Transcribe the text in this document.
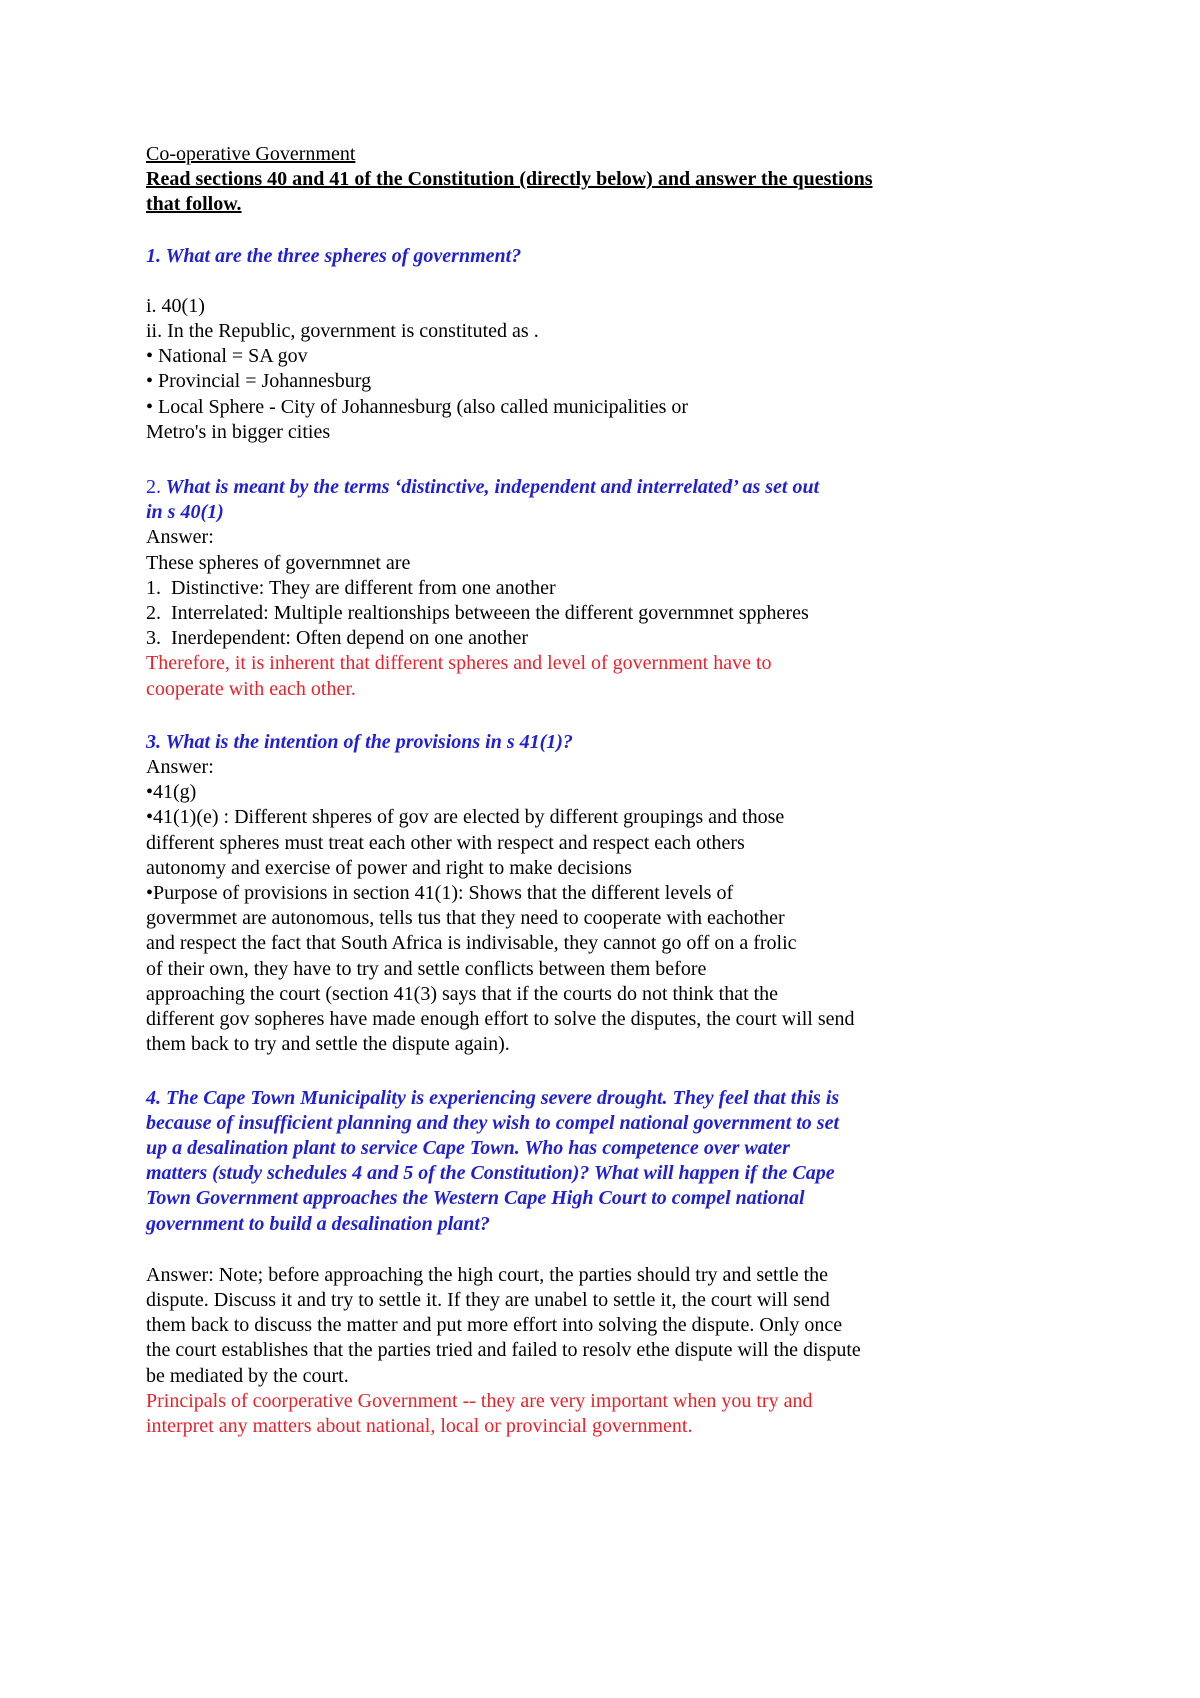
Co-operative Government
Read sections 40 and 41 of the Constitution (directly below) and answer the questions
that follow.
1. What are the three spheres of government?
i. 40(1)
ii. In the Republic, government is constituted as .
• National = SA gov
• Provincial = Johannesburg
• Local Sphere - City of Johannesburg (also called municipalities or
Metro's in bigger cities
2. What is meant by the terms ‘distinctive, independent and interrelated’ as set out
in s 40(1)
Answer:
These spheres of governmnet are
1.  Distinctive: They are different from one another
2.  Interrelated: Multiple realtionships betweeen the different governmnet sppheres
3.  Inerdependent: Often depend on one another
Therefore, it is inherent that different spheres and level of government have to
cooperate with each other.
3. What is the intention of the provisions in s 41(1)?
Answer:
•41(g)
•41(1)(e) : Different shperes of gov are elected by different groupings and those
different spheres must treat each other with respect and respect each others
autonomy and exercise of power and right to make decisions
•Purpose of provisions in section 41(1): Shows that the different levels of
govermmet are autonomous, tells tus that they need to cooperate with eachother
and respect the fact that South Africa is indivisable, they cannot go off on a frolic
of their own, they have to try and settle conflicts between them before
approaching the court (section 41(3) says that if the courts do not think that the
different gov sopheres have made enough effort to solve the disputes, the court will send
them back to try and settle the dispute again).
4. The Cape Town Municipality is experiencing severe drought. They feel that this is
because of insufficient planning and they wish to compel national government to set
up a desalination plant to service Cape Town. Who has competence over water
matters (study schedules 4 and 5 of the Constitution)? What will happen if the Cape
Town Government approaches the Western Cape High Court to compel national
government to build a desalination plant?
Answer: Note; before approaching the high court, the parties should try and settle the
dispute. Discuss it and try to settle it. If they are unabel to settle it, the court will send
them back to discuss the matter and put more effort into solving the dispute. Only once
the court establishes that the parties tried and failed to resolv ethe dispute will the dispute
be mediated by the court.
Principals of coorperative Government -- they are very important when you try and
interpret any matters about national, local or provincial government.
